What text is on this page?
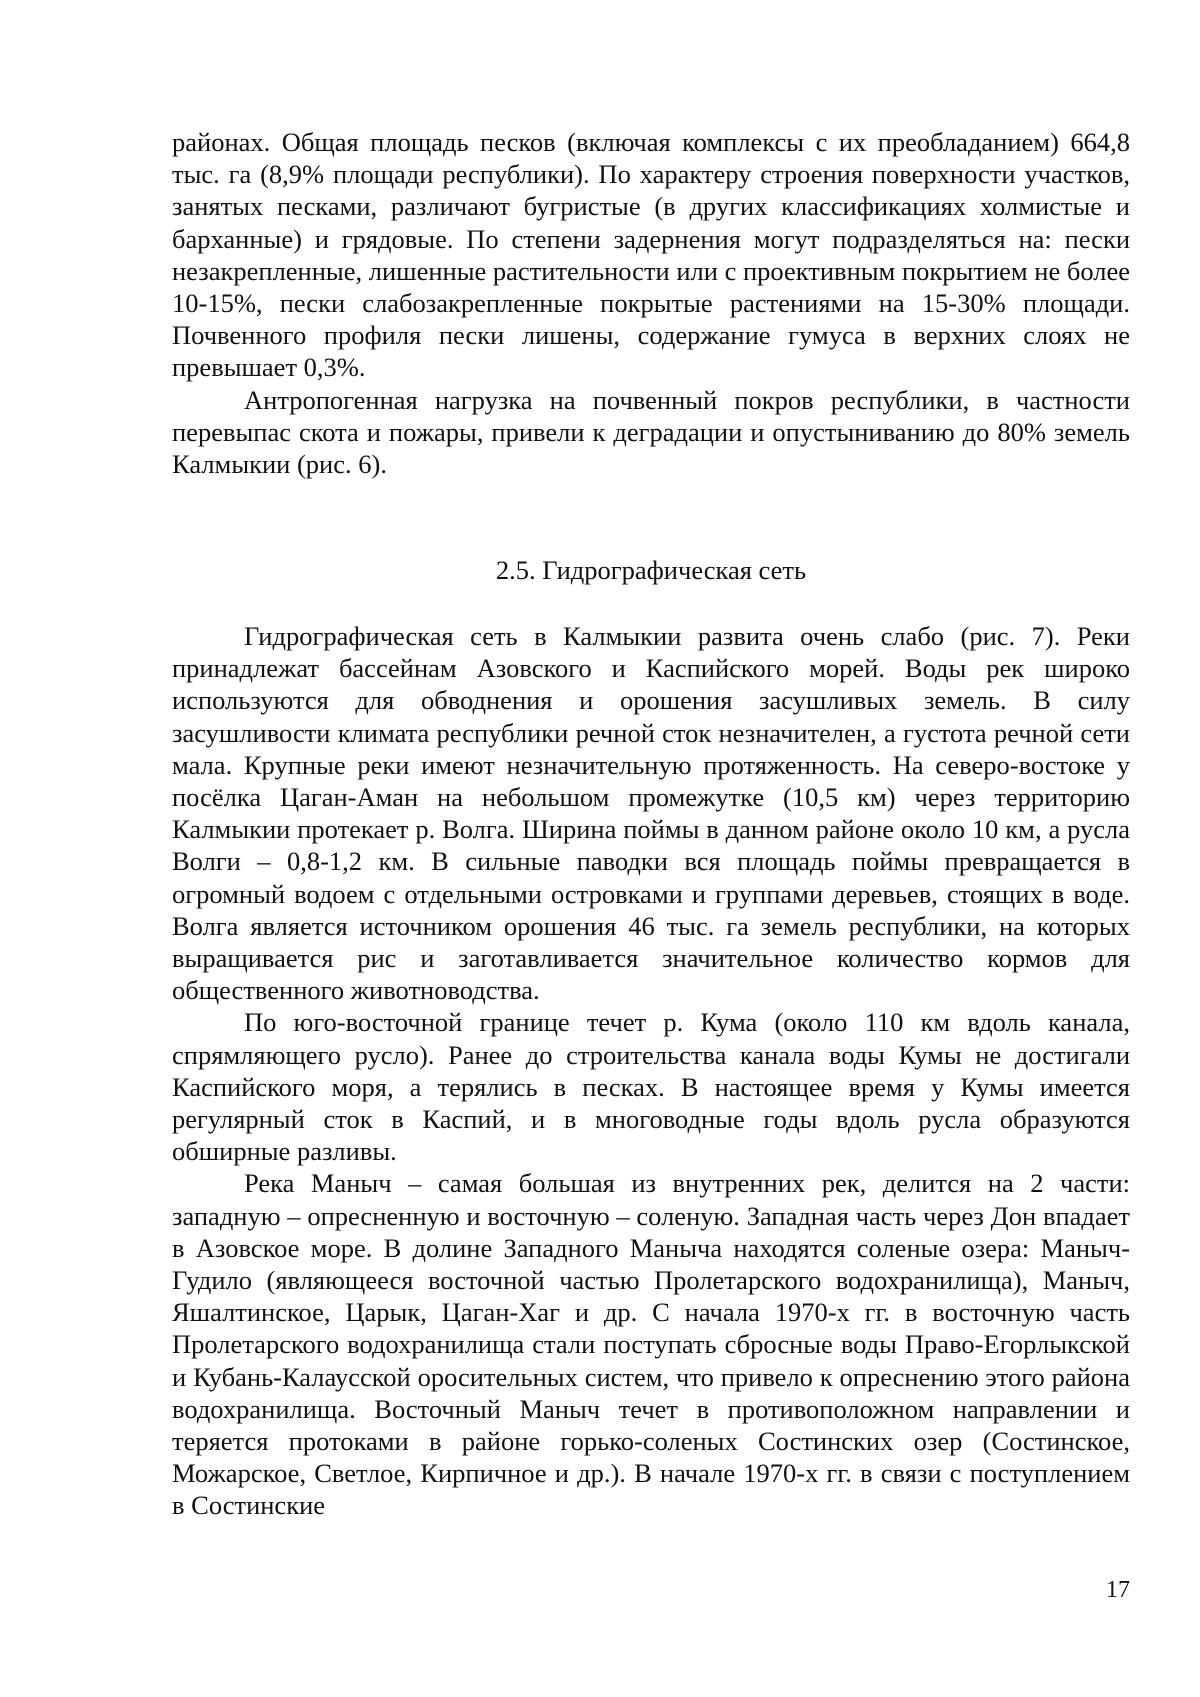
районах. Общая площадь песков (включая комплексы с их преобладанием) 664,8 тыс. га (8,9% площади республики). По характеру строения поверхности участков, занятых песками, различают бугристые (в других классификациях холмистые и барханные) и грядовые. По степени задернения могут подразделяться на: пески незакрепленные, лишенные растительности или с проективным покрытием не более 10-15%, пески слабозакрепленные покрытые растениями на 15-30% площади. Почвенного профиля пески лишены, содержание гумуса в верхних слоях не превышает 0,3%.

Антропогенная нагрузка на почвенный покров республики, в частности перевыпас скота и пожары, привели к деградации и опустыниванию до 80% земель Калмыкии (рис. 6).

2.5. Гидрографическая сеть

Гидрографическая сеть в Калмыкии развита очень слабо (рис. 7). Реки принадлежат бассейнам Азовского и Каспийского морей. Воды рек широко используются для обводнения и орошения засушливых земель. В силу засушливости климата республики речной сток незначителен, а густота речной сети мала. Крупные реки имеют незначительную протяженность. На северо-востоке у посёлка Цаган-Аман на небольшом промежутке (10,5 км) через территорию Калмыкии протекает р. Волга. Ширина поймы в данном районе около 10 км, а русла Волги – 0,8-1,2 км. В сильные паводки вся площадь поймы превращается в огромный водоем с отдельными островками и группами деревьев, стоящих в воде. Волга является источником орошения 46 тыс. га земель республики, на которых выращивается рис и заготавливается значительное количество кормов для общественного животноводства.

По юго-восточной границе течет р. Кума (около 110 км вдоль канала, спрямляющего русло). Ранее до строительства канала воды Кумы не достигали Каспийского моря, а терялись в песках. В настоящее время у Кумы имеется регулярный сток в Каспий, и в многоводные годы вдоль русла образуются обширные разливы.

Река Маныч – самая большая из внутренних рек, делится на 2 части: западную – опресненную и восточную – соленую. Западная часть через Дон впадает в Азовское море. В долине Западного Маныча находятся соленые озера: Маныч-Гудило (являющееся восточной частью Пролетарского водохранилища), Маныч, Яшалтинское, Царык, Цаган-Хаг и др. С начала 1970-х гг. в восточную часть Пролетарского водохранилища стали поступать сбросные воды Право-Егорлыкской и Кубань-Калаусской оросительных систем, что привело к опреснению этого района водохранилища. Восточный Маныч течет в противоположном направлении и теряется протоками в районе горько-соленых Состинских озер (Состинское, Можарское, Светлое, Кирпичное и др.). В начале 1970-х гг. в связи с поступлением в Состинские

17
